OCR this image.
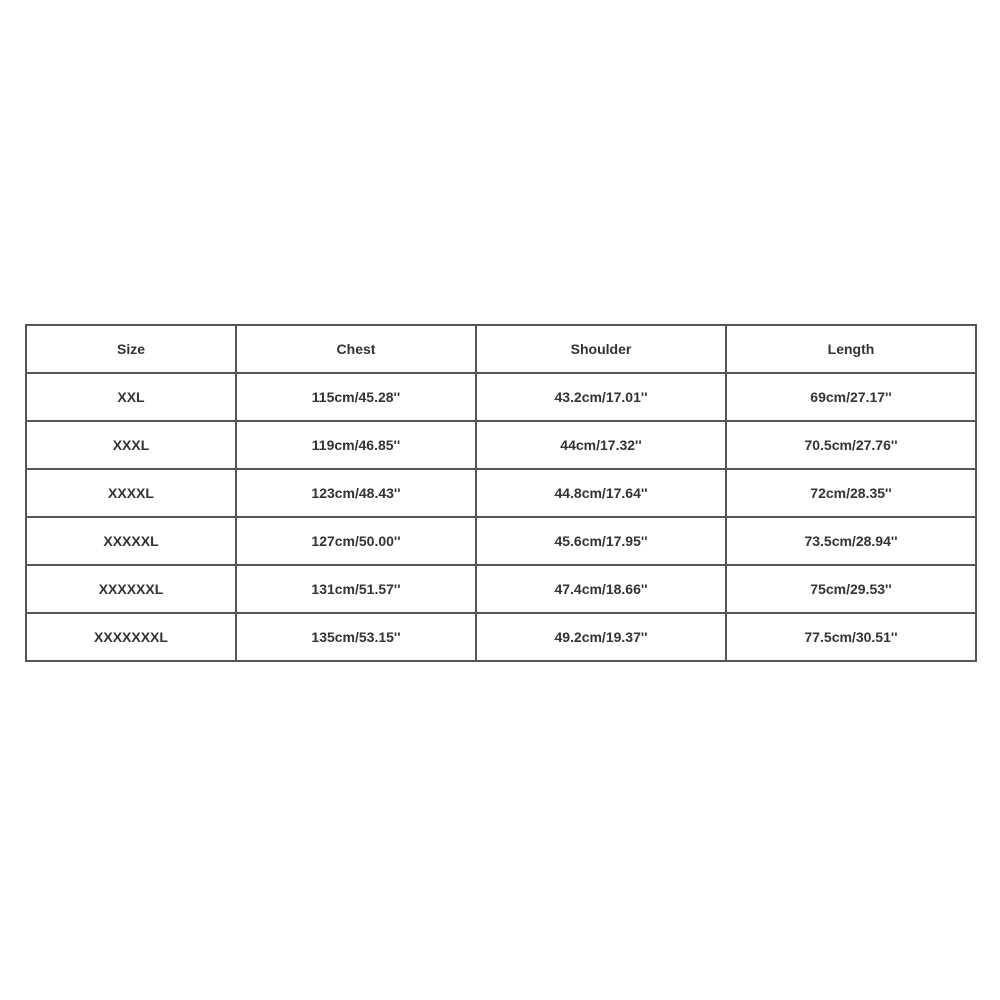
Size	Chest	Shoulder	Length
XXL	115cm/45.28''	43.2cm/17.01''	69cm/27.17''
XXXL	119cm/46.85''	44cm/17.32''	70.5cm/27.76''
XXXXL	123cm/48.43''	44.8cm/17.64''	72cm/28.35''
XXXXXL	127cm/50.00''	45.6cm/17.95''	73.5cm/28.94''
XXXXXXL	131cm/51.57''	47.4cm/18.66''	75cm/29.53''
XXXXXXXL	135cm/53.15''	49.2cm/19.37''	77.5cm/30.51''
